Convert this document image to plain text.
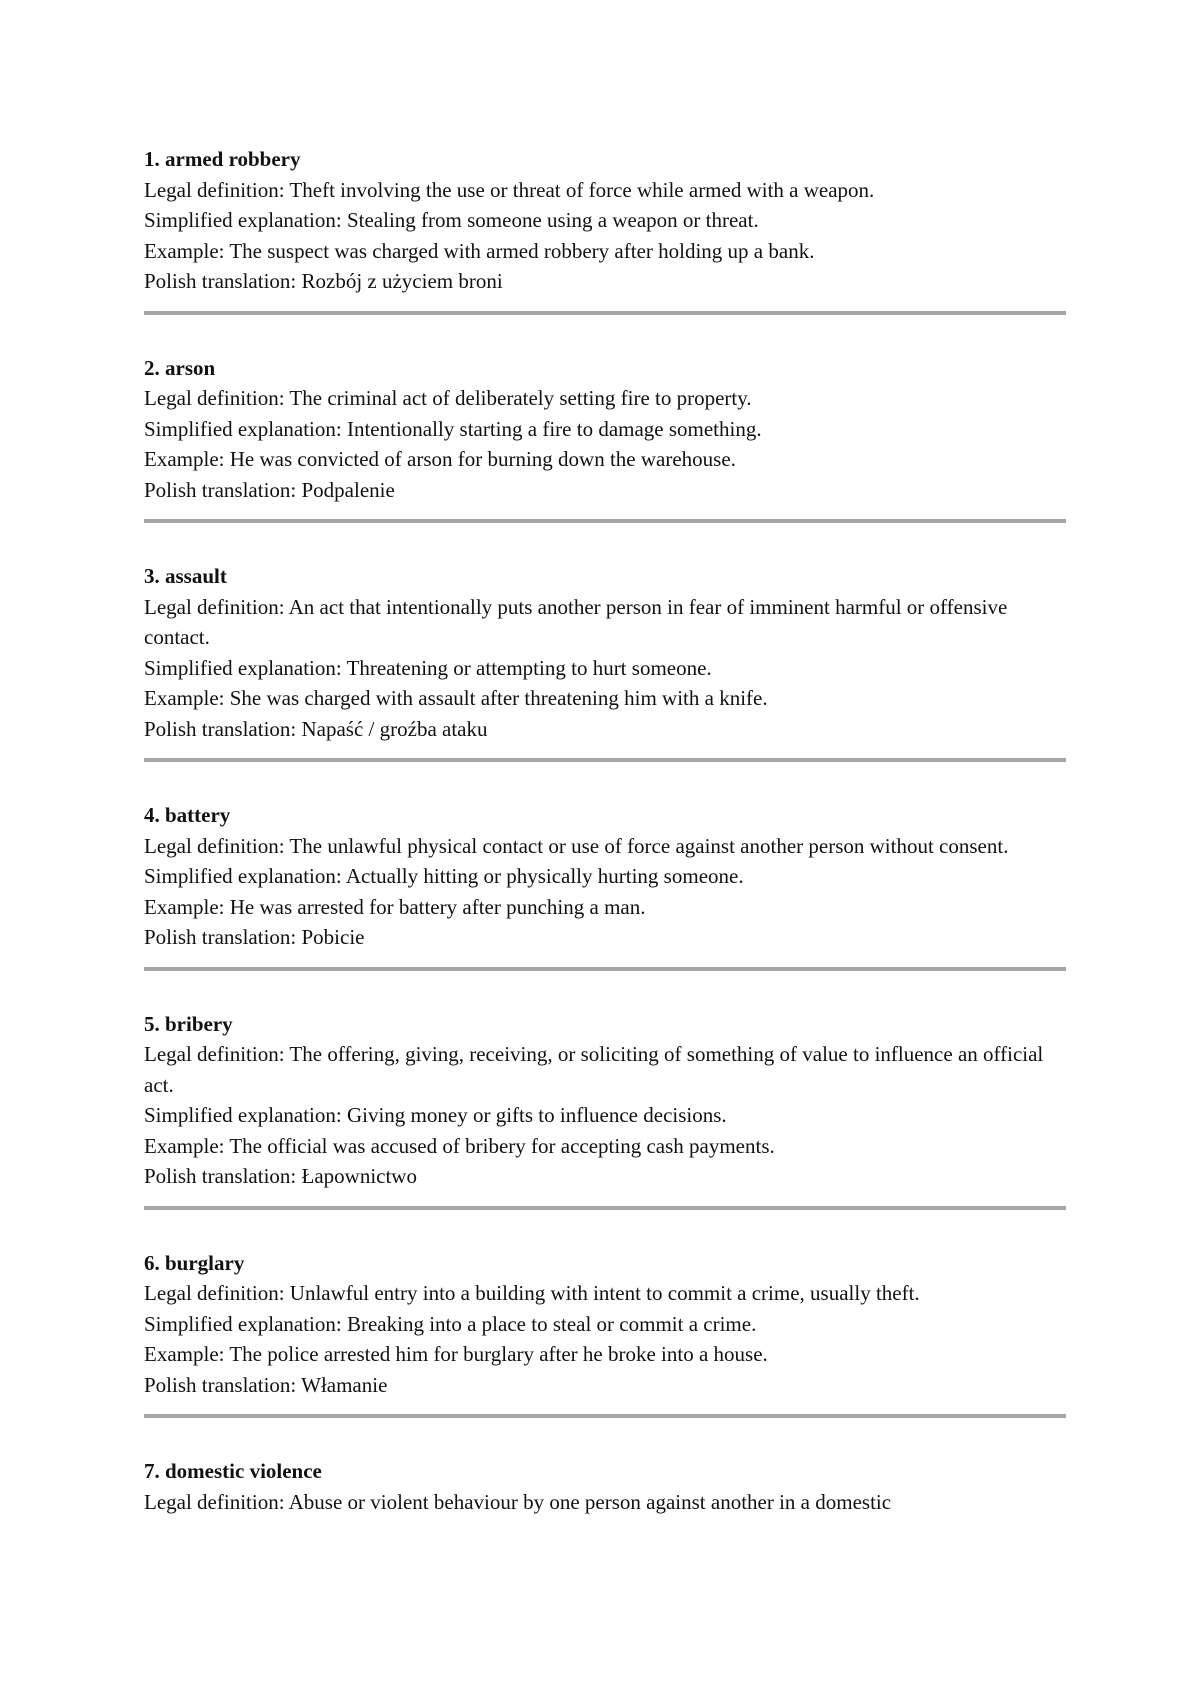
1. armed robbery
Legal definition: Theft involving the use or threat of force while armed with a weapon.
Simplified explanation: Stealing from someone using a weapon or threat.
Example: The suspect was charged with armed robbery after holding up a bank.
Polish translation: Rozbój z użyciem broni
2. arson
Legal definition: The criminal act of deliberately setting fire to property.
Simplified explanation: Intentionally starting a fire to damage something.
Example: He was convicted of arson for burning down the warehouse.
Polish translation: Podpalenie
3. assault
Legal definition: An act that intentionally puts another person in fear of imminent harmful or offensive contact.
Simplified explanation: Threatening or attempting to hurt someone.
Example: She was charged with assault after threatening him with a knife.
Polish translation: Napaść / groźba ataku
4. battery
Legal definition: The unlawful physical contact or use of force against another person without consent.
Simplified explanation: Actually hitting or physically hurting someone.
Example: He was arrested for battery after punching a man.
Polish translation: Pobicie
5. bribery
Legal definition: The offering, giving, receiving, or soliciting of something of value to influence an official act.
Simplified explanation: Giving money or gifts to influence decisions.
Example: The official was accused of bribery for accepting cash payments.
Polish translation: Łapownictwo
6. burglary
Legal definition: Unlawful entry into a building with intent to commit a crime, usually theft.
Simplified explanation: Breaking into a place to steal or commit a crime.
Example: The police arrested him for burglary after he broke into a house.
Polish translation: Włamanie
7. domestic violence
Legal definition: Abuse or violent behaviour by one person against another in a domestic
